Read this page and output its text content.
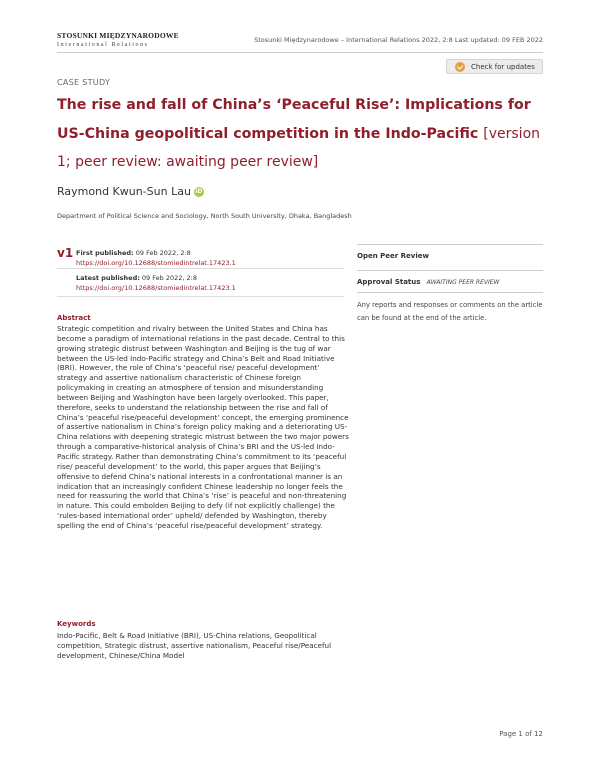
STOSUNKI MIĘDZYNARODOWE
International Relations
Stosunki Międzynarodowe – International Relations 2022, 2:8 Last updated: 09 FEB 2022
CASE STUDY
Check for updates
The rise and fall of China’s ‘Peaceful Rise’: Implications for US-China geopolitical competition in the Indo-Pacific [version 1; peer review: awaiting peer review]
Raymond Kwun-Sun Lau iD
Department of Political Science and Sociology, North South University, Dhaka, Bangladesh
v1 First published: 09 Feb 2022, 2:8
https://doi.org/10.12688/stomiedintrelat.17423.1
Latest published: 09 Feb 2022, 2:8
https://doi.org/10.12688/stomiedintrelat.17423.1
Open Peer Review
Approval Status AWAITING PEER REVIEW
Any reports and responses or comments on the article can be found at the end of the article.
Abstract
Strategic competition and rivalry between the United States and China has become a paradigm of international relations in the past decade. Central to this growing strategic distrust between Washington and Beijing is the tug of war between the US-led Indo-Pacific strategy and China’s Belt and Road Initiative (BRI). However, the role of China’s ‘peaceful rise/ peaceful development’ strategy and assertive nationalism characteristic of Chinese foreign policymaking in creating an atmosphere of tension and misunderstanding between Beijing and Washington have been largely overlooked. This paper, therefore, seeks to understand the relationship between the rise and fall of China’s ‘peaceful rise/peaceful development’ concept, the emerging prominence of assertive nationalism in China’s foreign policy making and a deteriorating US-China relations with deepening strategic mistrust between the two major powers through a comparative-historical analysis of China’s BRI and the US-led Indo-Pacific strategy. Rather than demonstrating China’s commitment to its ‘peaceful rise/ peaceful development’ to the world, this paper argues that Beijing’s offensive to defend China’s national interests in a confrontational manner is an indication that an increasingly confident Chinese leadership no longer feels the need for reassuring the world that China’s ‘rise’ is peaceful and non-threatening in nature. This could embolden Beijing to defy (if not explicitly challenge) the ‘rules-based international order’ upheld/ defended by Washington, thereby spelling the end of China’s ‘peaceful rise/peaceful development’ strategy.
Keywords
Indo-Pacific, Belt & Road Initiative (BRI), US-China relations, Geopolitical competition, Strategic distrust, assertive nationalism, Peaceful rise/Peaceful development, Chinese/China Model
Page 1 of 12
